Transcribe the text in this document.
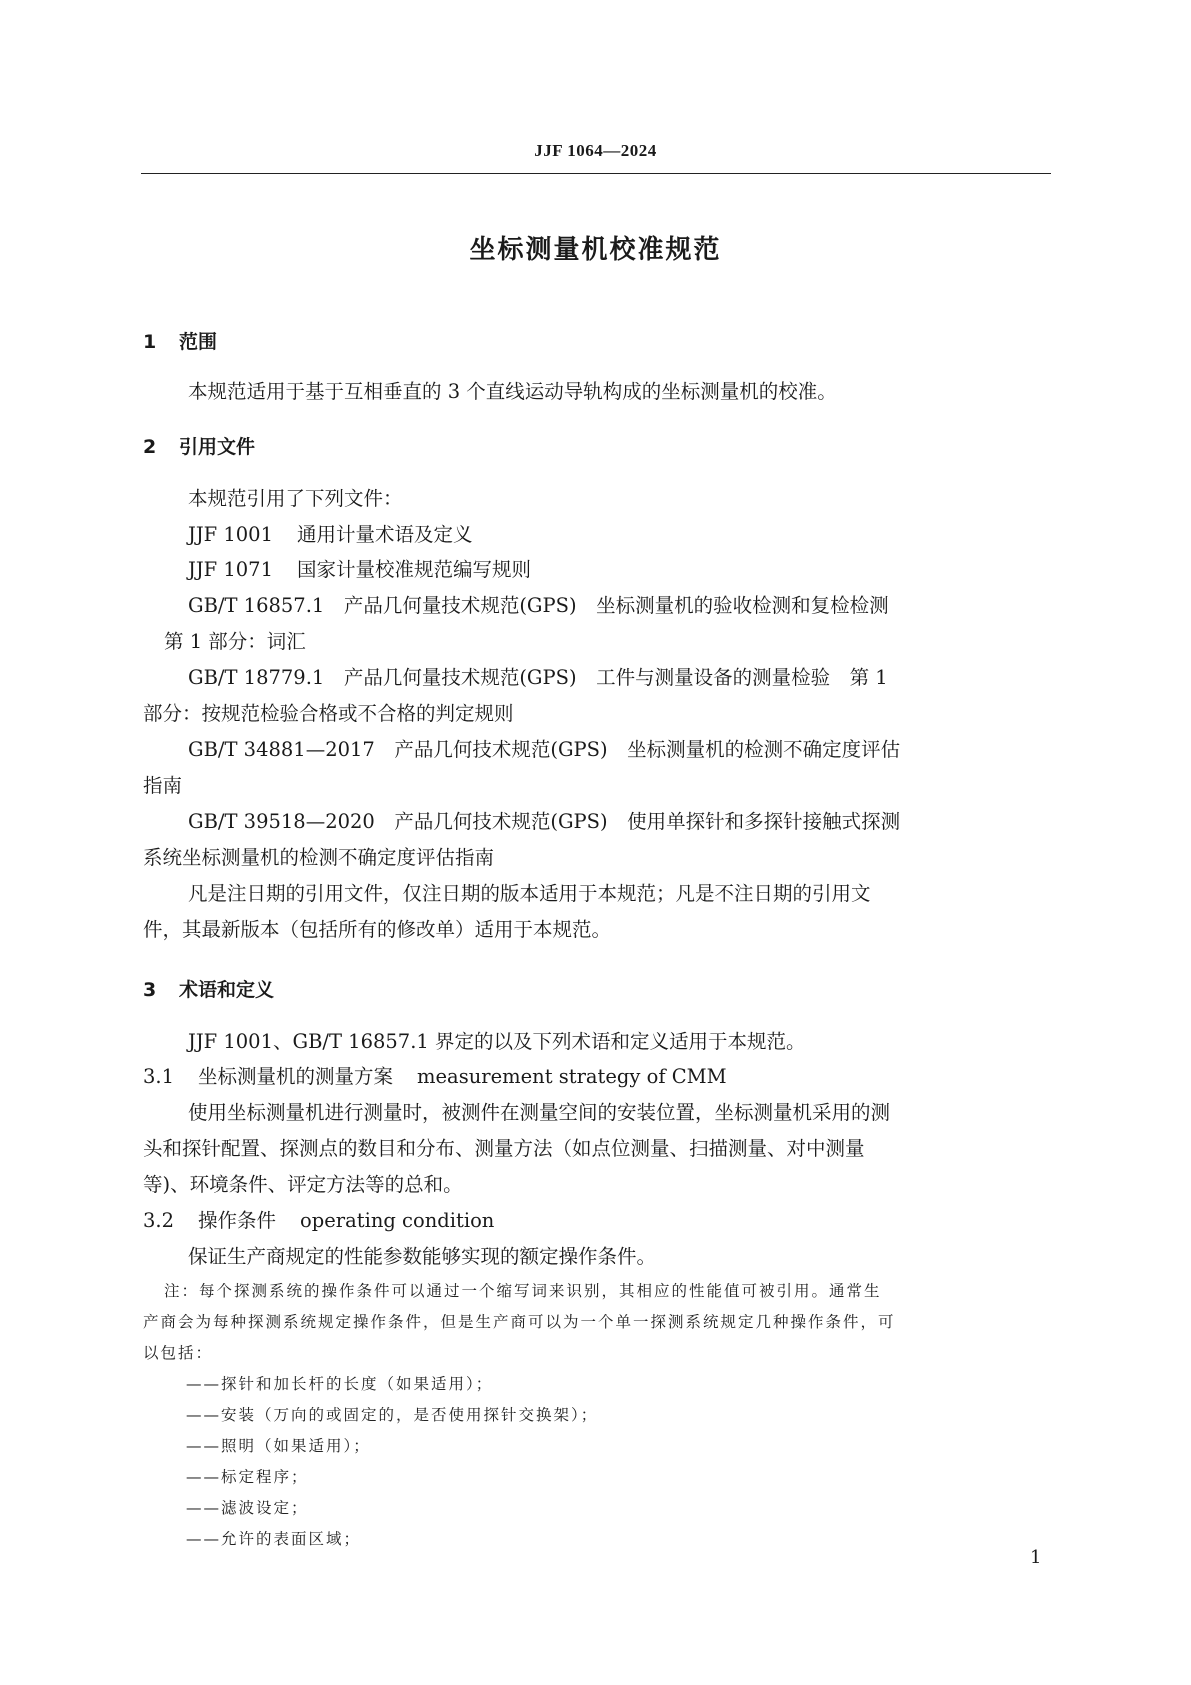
JJF 1064—2024
坐标测量机校准规范
1 范围
本规范适用于基于互相垂直的 3 个直线运动导轨构成的坐标测量机的校准。
2 引用文件
本规范引用了下列文件：
JJF 1001 通用计量术语及定义
JJF 1071 国家计量校准规范编写规则
GB/T 16857.1　产品几何量技术规范(GPS)　坐标测量机的验收检测和复检检测
第 1 部分：词汇
GB/T 18779.1　产品几何量技术规范(GPS)　工件与测量设备的测量检验　第 1
部分：按规范检验合格或不合格的判定规则
GB/T 34881—2017　产品几何技术规范(GPS)　坐标测量机的检测不确定度评估
指南
GB/T 39518—2020　产品几何技术规范(GPS)　使用单探针和多探针接触式探测
系统坐标测量机的检测不确定度评估指南
凡是注日期的引用文件，仅注日期的版本适用于本规范；凡是不注日期的引用文
件，其最新版本（包括所有的修改单）适用于本规范。
3 术语和定义
JJF 1001、GB/T 16857.1 界定的以及下列术语和定义适用于本规范。
3.1 坐标测量机的测量方案 measurement strategy of CMM
使用坐标测量机进行测量时，被测件在测量空间的安装位置，坐标测量机采用的测
头和探针配置、探测点的数目和分布、测量方法（如点位测量、扫描测量、对中测量
等)、环境条件、评定方法等的总和。
3.2 操作条件 operating condition
保证生产商规定的性能参数能够实现的额定操作条件。
注：每个探测系统的操作条件可以通过一个缩写词来识别，其相应的性能值可被引用。通常生
产商会为每种探测系统规定操作条件，但是生产商可以为一个单一探测系统规定几种操作条件，可
以包括：
——探针和加长杆的长度（如果适用）；
——安装（万向的或固定的，是否使用探针交换架）；
——照明（如果适用）；
——标定程序；
——滤波设定；
——允许的表面区域；
1
